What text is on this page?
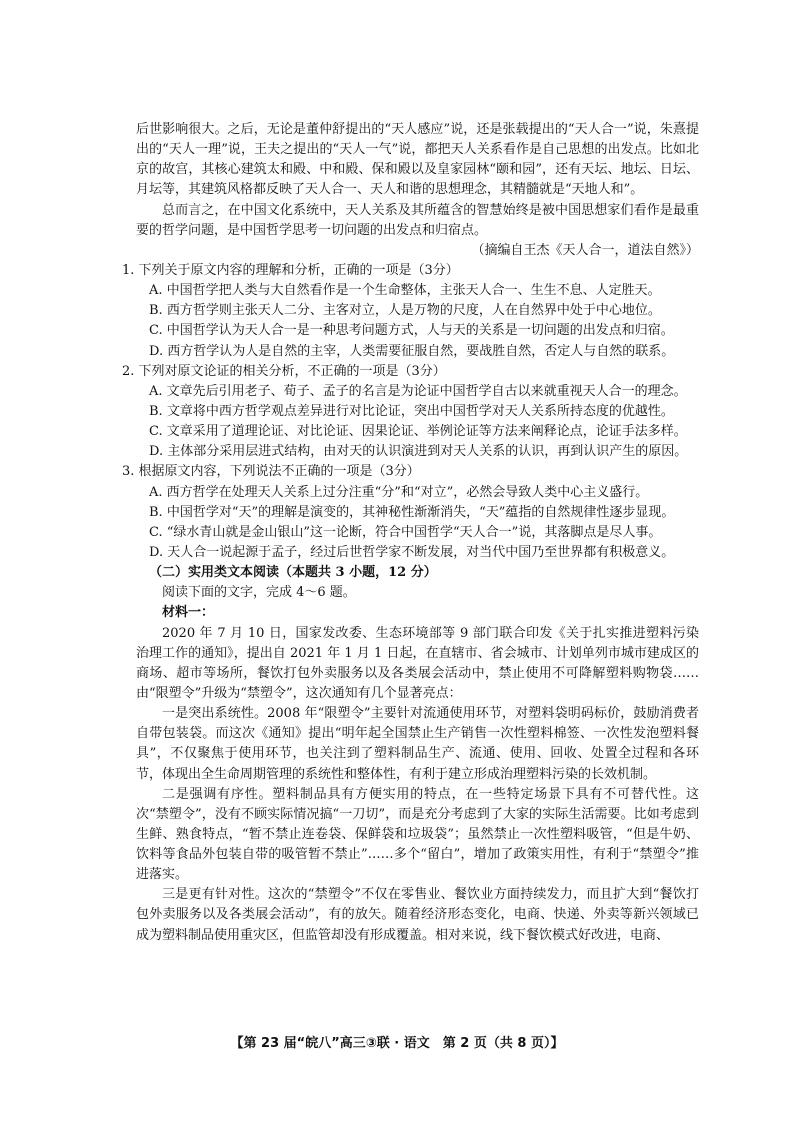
后世影响很大。之后，无论是董仲舒提出的“天人感应”说，还是张载提出的“天人合一”说，朱熹提出的“天人一理”说，王夫之提出的“天人一气”说，都把天人关系看作是自己思想的出发点。比如北京的故宫，其核心建筑太和殿、中和殿、保和殿以及皇家园林“颐和园”，还有天坛、地坛、日坛、月坛等，其建筑风格都反映了天人合一、天人和谐的思想理念，其精髓就是“天地人和”。

总而言之，在中国文化系统中，天人关系及其所蕴含的智慧始终是被中国思想家们看作是最重要的哲学问题，是中国哲学思考一切问题的出发点和归宿点。

（摘编自王杰《天人合一，道法自然》）

1. 下列关于原文内容的理解和分析，正确的一项是（3分）

A. 中国哲学把人类与大自然看作是一个生命整体，主张天人合一、生生不息、人定胜天。

B. 西方哲学则主张天人二分、主客对立，人是万物的尺度，人在自然界中处于中心地位。

C. 中国哲学认为天人合一是一种思考问题方式，人与天的关系是一切问题的出发点和归宿。

D. 西方哲学认为人是自然的主宰，人类需要征服自然，要战胜自然，否定人与自然的联系。

2. 下列对原文论证的相关分析，不正确的一项是（3分）

A. 文章先后引用老子、荀子、孟子的名言是为论证中国哲学自古以来就重视天人合一的理念。

B. 文章将中西方哲学观点差异进行对比论证，突出中国哲学对天人关系所持态度的优越性。

C. 文章采用了道理论证、对比论证、因果论证、举例论证等方法来阐释论点，论证手法多样。

D. 主体部分采用层进式结构，由对天的认识演进到对天人关系的认识，再到认识产生的原因。

3. 根据原文内容，下列说法不正确的一项是（3分）

A. 西方哲学在处理天人关系上过分注重“分”和“对立”，必然会导致人类中心主义盛行。

B. 中国哲学对“天”的理解是演变的，其神秘性渐渐消失，“天”蕴指的自然规律性逐步显现。

C. “绿水青山就是金山银山”这一论断，符合中国哲学“天人合一”说，其落脚点是尽人事。

D. 天人合一说起源于孟子，经过后世哲学家不断发展，对当代中国乃至世界都有积极意义。

（二）实用类文本阅读（本题共 3 小题，12 分）

阅读下面的文字，完成 4～6 题。

材料一：

2020 年 7 月 10 日，国家发改委、生态环境部等 9 部门联合印发《关于扎实推进塑料污染治理工作的通知》，提出自 2021 年 1 月 1 日起，在直辖市、省会城市、计划单列市城市建成区的商场、超市等场所，餐饮打包外卖服务以及各类展会活动中，禁止使用不可降解塑料购物袋……由“限塑令”升级为“禁塑令”，这次通知有几个显著亮点：

一是突出系统性。2008 年“限塑令”主要针对流通使用环节，对塑料袋明码标价，鼓励消费者自带包装袋。而这次《通知》提出“明年起全国禁止生产销售一次性塑料棉签、一次性发泡塑料餐具”，不仅聚焦于使用环节，也关注到了塑料制品生产、流通、使用、回收、处置全过程和各环节，体现出全生命周期管理的系统性和整体性，有利于建立形成治理塑料污染的长效机制。

二是强调有序性。塑料制品具有方便实用的特点，在一些特定场景下具有不可替代性。这次“禁塑令”，没有不顾实际情况搞“一刀切”，而是充分考虑到了大家的实际生活需要。比如考虑到生鲜、熟食特点，“暂不禁止连卷袋、保鲜袋和垃圾袋”；虽然禁止一次性塑料吸管，“但是牛奶、饮料等食品外包装自带的吸管暂不禁止”……多个“留白”，增加了政策实用性，有利于“禁塑令”推进落实。

三是更有针对性。这次的“禁塑令”不仅在零售业、餐饮业方面持续发力，而且扩大到“餐饮打包外卖服务以及各类展会活动”，有的放矢。随着经济形态变化，电商、快递、外卖等新兴领域已成为塑料制品使用重灾区，但监管却没有形成覆盖。相对来说，线下餐饮模式好改进，电商、

【第 23 届“皖八”高三③联 · 语文　第 2 页（共 8 页）】
